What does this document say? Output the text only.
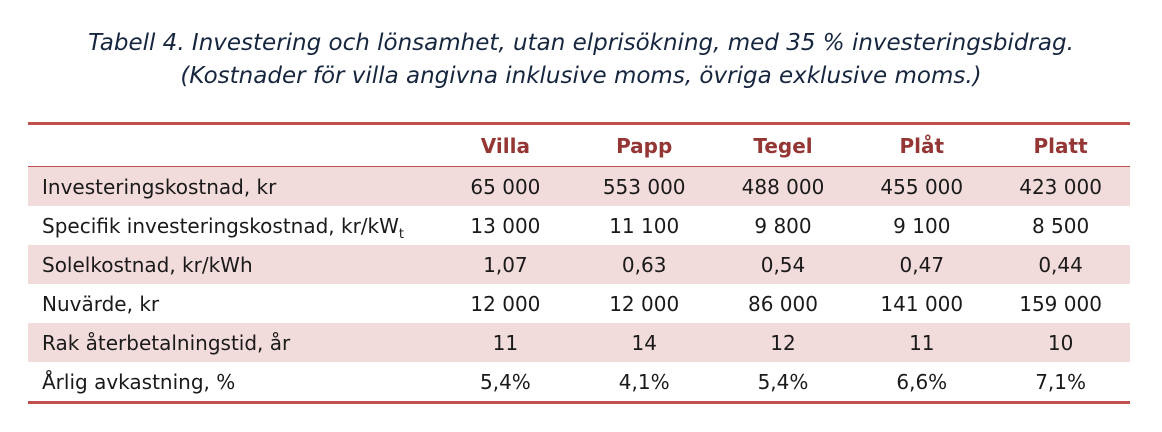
Tabell 4. Investering och lönsamhet, utan elprisökning, med 35 % investeringsbidrag.
(Kostnader för villa angivna inklusive moms, övriga exklusive moms.)
	Villa	Papp	Tegel	Plåt	Platt
Investeringskostnad, kr	65 000	553 000	488 000	455 000	423 000
Specifik investeringskostnad, $kr/kW_t$	13 000	11 100	9 800	9 100	8 500
Solelkostnad, kr/kWh	1,07	0,63	0,54	0,47	0,44
Nuvärde, kr	12 000	12 000	86 000	141 000	159 000
Rak återbetalningstid, år	11	14	12	11	10
Årlig avkastning, %	5,4%	4,1%	5,4%	6,6%	7,1%
